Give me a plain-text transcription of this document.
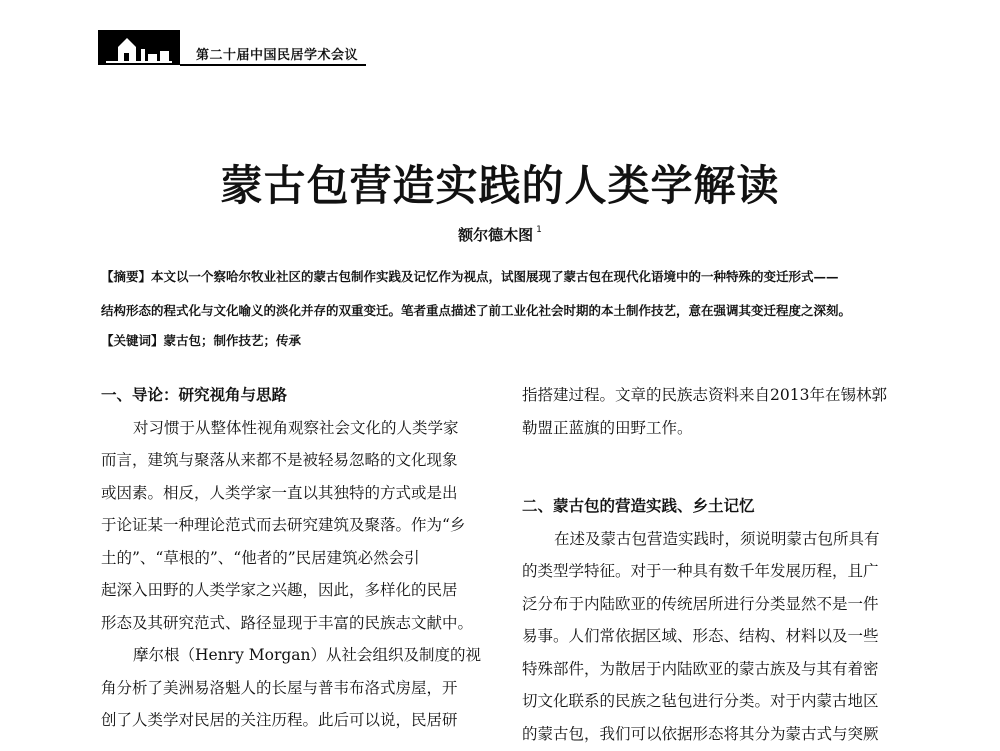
第二十届中国民居学术会议
蒙古包营造实践的人类学解读
额尔德木图 $^1$
【摘要】本文以一个察哈尔牧业社区的蒙古包制作实践及记忆作为视点，试图展现了蒙古包在现代化语境中的一种特殊的变迁形式——
结构形态的程式化与文化喻义的淡化并存的双重变迁。笔者重点描述了前工业化社会时期的本土制作技艺，意在强调其变迁程度之深刻。
【关键词】蒙古包；制作技艺；传承
一、导论：研究视角与思路
对习惯于从整体性视角观察社会文化的人类学家
而言，建筑与聚落从来都不是被轻易忽略的文化现象
或因素。相反，人类学家一直以其独特的方式或是出
于论证某一种理论范式而去研究建筑及聚落。作为“乡
土的”、“草根的”、“他者的”民居建筑必然会引
起深入田野的人类学家之兴趣，因此，多样化的民居
形态及其研究范式、路径显现于丰富的民族志文献中。
摩尔根（Henry Morgan）从社会组织及制度的视
角分析了美洲易洛魁人的长屋与普韦布洛式房屋，开
创了人类学对民居的关注历程。此后可以说，民居研
指搭建过程。文章的民族志资料来自2013年在锡林郭
勒盟正蓝旗的田野工作。
二、蒙古包的营造实践、乡土记忆
在述及蒙古包营造实践时，须说明蒙古包所具有
的类型学特征。对于一种具有数千年发展历程，且广
泛分布于内陆欧亚的传统居所进行分类显然不是一件
易事。人们常依据区域、形态、结构、材料以及一些
特殊部件，为散居于内陆欧亚的蒙古族及与其有着密
切文化联系的民族之毡包进行分类。对于内蒙古地区
的蒙古包，我们可以依据形态将其分为蒙古式与突厥
